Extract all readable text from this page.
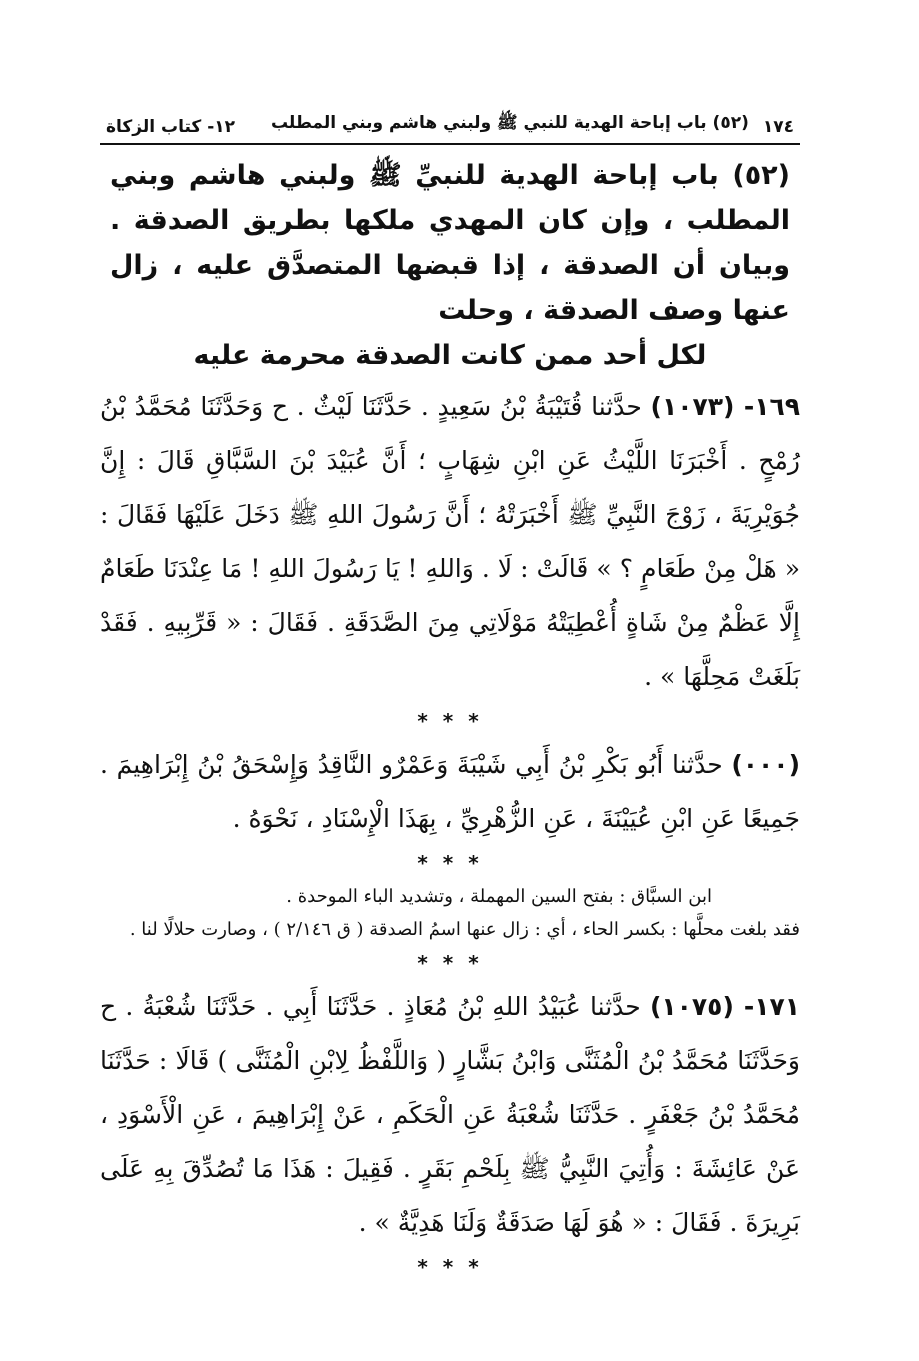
١٧٤
(٥٢) باب إباحة الهدية للنبي ﷺ ولبني هاشم وبني المطلب
١٢- كتاب الزكاة
(٥٢) باب إباحة الهدية للنبيِّ ﷺ ولبني هاشم وبني المطلب ، وإن كان المهدي ملكها بطريق الصدقة . وبيان أن الصدقة ، إذا قبضها المتصدَّق عليه ، زال عنها وصف الصدقة ، وحلت
لكل أحد ممن كانت الصدقة محرمة عليه
١٦٩- (١٠٧٣) حدَّثنا قُتَيْبَةُ بْنُ سَعِيدٍ . حَدَّثَنَا لَيْثٌ . ح وَحَدَّثَنَا مُحَمَّدُ بْنُ رُمْحٍ . أَخْبَرَنَا اللَّيْثُ عَنِ ابْنِ شِهَابٍ ؛ أَنَّ عُبَيْدَ بْنَ السَّبَّاقِ قَالَ : إِنَّ جُوَيْرِيَةَ ، زَوْجَ النَّبِيِّ ﷺ أَخْبَرَتْهُ ؛ أَنَّ رَسُولَ اللهِ ﷺ دَخَلَ عَلَيْهَا فَقَالَ : « هَلْ مِنْ طَعَامٍ ؟ » قَالَتْ : لَا . وَاللهِ ! يَا رَسُولَ اللهِ ! مَا عِنْدَنَا طَعَامٌ إِلَّا عَظْمٌ مِنْ شَاةٍ أُعْطِيَتْهُ مَوْلَاتِي مِنَ الصَّدَقَةِ . فَقَالَ : « قَرِّبِيهِ . فَقَدْ بَلَغَتْ مَحِلَّهَا » .
* * *
(٠٠٠) حدَّثنا أَبُو بَكْرِ بْنُ أَبِي شَيْبَةَ وَعَمْرٌو النَّاقِدُ وَإِسْحَقُ بْنُ إِبْرَاهِيمَ . جَمِيعًا عَنِ ابْنِ عُيَيْنَةَ ، عَنِ الزُّهْرِيِّ ، بِهَذَا الْإِسْنَادِ ، نَحْوَهُ .
* * *

ابن السبَّاق : بفتح السين المهملة ، وتشديد الباء الموحدة .

فقد بلغت محلَّها : بكسر الحاء ، أي : زال عنها اسمُ الصدقة ( ق ٢/١٤٦ ) ، وصارت حلالًا لنا .

* * *
١٧١- (١٠٧٥) حدَّثنا عُبَيْدُ اللهِ بْنُ مُعَاذٍ . حَدَّثَنَا أَبِي . حَدَّثَنَا شُعْبَةُ . ح وَحَدَّثَنَا مُحَمَّدُ بْنُ الْمُثَنَّى وَابْنُ بَشَّارٍ ( وَاللَّفْظُ لِابْنِ الْمُثَنَّى ) قَالَا : حَدَّثَنَا مُحَمَّدُ بْنُ جَعْفَرٍ . حَدَّثَنَا شُعْبَةُ عَنِ الْحَكَمِ ، عَنْ إِبْرَاهِيمَ ، عَنِ الْأَسْوَدِ ، عَنْ عَائِشَةَ : وَأُتِيَ النَّبِيُّ ﷺ بِلَحْمِ بَقَرٍ . فَقِيلَ : هَذَا مَا تُصُدِّقَ بِهِ عَلَى بَرِيرَةَ . فَقَالَ : « هُوَ لَهَا صَدَقَةٌ وَلَنَا هَدِيَّةٌ » .
* * *
